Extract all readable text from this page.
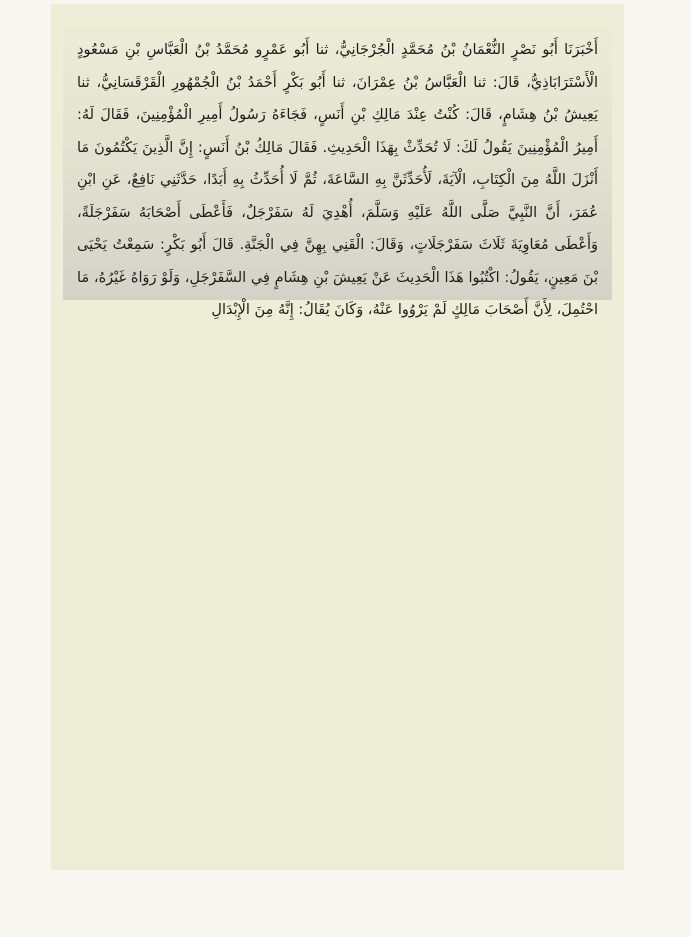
أَخْبَرَنَا أَبُو نَصْرٍ النُّعْمَانُ بْنُ مُحَمَّدٍ الْجُرْجَانِيُّ، ثنا أَبُو عَمْرٍو مُحَمَّدُ بْنُ الْعَبَّاسِ بْنِ مَسْعُودٍ الْأَسْتَرَابَاذِيُّ، قَالَ: ثنا الْعَبَّاسُ بْنُ عِمْرَانَ، ثنا أَبُو بَكْرٍ أَحْمَدُ بْنُ الْجُمْهُورِ الْقَرْقَسَانِيُّ، ثنا يَعِيشُ بْنُ هِشَامٍ، قَالَ: كُنْتُ عِنْدَ مَالِكِ بْنِ أَنَسٍ، فَجَاءَهُ رَسُولُ أَمِيرِ الْمُؤْمِنِينَ، فَقَالَ لَهُ: أَمِيرُ الْمُؤْمِنِينَ يَقُولُ لَكَ: لَا تُحَدِّثْ بِهَذَا الْحَدِيثِ. فَقَالَ مَالِكُ بْنُ أَنَسٍ: إِنَّ الَّذِينَ يَكْتُمُونَ مَا أَنْزَلَ اللَّهُ مِنَ الْكِتَابِ، الْآيَةَ، لَأُحَدِّثَنَّ بِهِ السَّاعَةَ، ثُمَّ لَا أُحَدِّثُ بِهِ أَبَدًا، حَدَّثَنِي نَافِعٌ، عَنِ ابْنِ عُمَرَ، أَنَّ النَّبِيَّ صَلَّى اللَّهُ عَلَيْهِ وَسَلَّمَ، أُهْدِيَ لَهُ سَفَرْجَلٌ، فَأَعْطَى أَصْحَابَهُ سَفَرْجَلَةً، وَأَعْطَى مُعَاوِيَةَ ثَلَاثَ سَفَرْجَلَاتٍ، وَقَالَ: الْقَنِي بِهِنَّ فِي الْجَنَّةِ. قَالَ أَبُو بَكْرٍ: سَمِعْتُ يَحْيَى بْنَ مَعِينٍ، يَقُولُ: اكْتُبُوا هَذَا الْحَدِيثَ عَنْ يَعِيشَ بْنِ هِشَامٍ فِي السَّفَرْجَلِ، وَلَوْ رَوَاهُ غَيْرُهُ، مَا احْتُمِلَ، لِأَنَّ أَصْحَابَ مَالِكٍ لَمْ يَرْوُوا عَنْهُ، وَكَانَ يُقَالُ: إِنَّهُ مِنَ الْإِبْدَالِ
